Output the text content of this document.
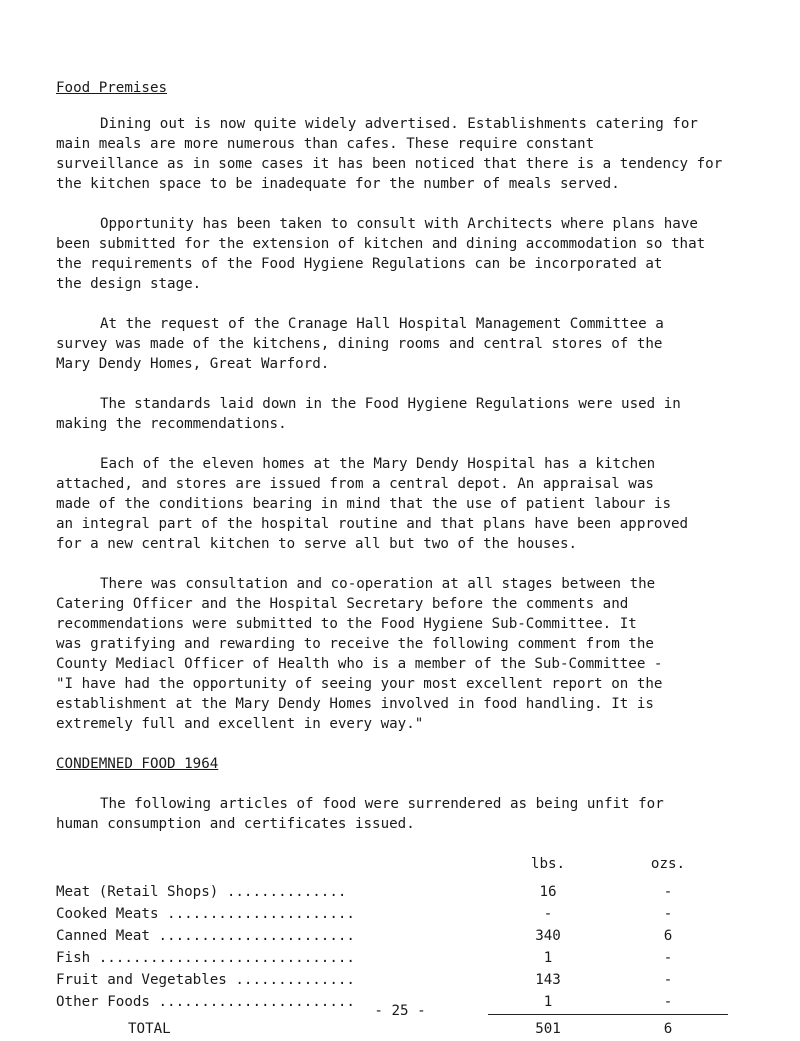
Food Premises
Dining out is now quite widely advertised. Establishments catering for
main meals are more numerous than cafes. These require constant
surveillance as in some cases it has been noticed that there is a tendency for
the kitchen space to be inadequate for the number of meals served.
Opportunity has been taken to consult with Architects where plans have
been submitted for the extension of kitchen and dining accommodation so that
the requirements of the Food Hygiene Regulations can be incorporated at
the design stage.
At the request of the Cranage Hall Hospital Management Committee a
survey was made of the kitchens, dining rooms and central stores of the
Mary Dendy Homes, Great Warford.
The standards laid down in the Food Hygiene Regulations were used in
making the recommendations.
Each of the eleven homes at the Mary Dendy Hospital has a kitchen
attached, and stores are issued from a central depot. An appraisal was
made of the conditions bearing in mind that the use of patient labour is
an integral part of the hospital routine and that plans have been approved
for a new central kitchen to serve all but two of the houses.
There was consultation and co-operation at all stages between the
Catering Officer and the Hospital Secretary before the comments and
recommendations were submitted to the Food Hygiene Sub-Committee. It
was gratifying and rewarding to receive the following comment from the
County Mediacl Officer of Health who is a member of the Sub-Committee -
"I have had the opportunity of seeing your most excellent report on the
establishment at the Mary Dendy Homes involved in food handling. It is
extremely full and excellent in every way."
CONDEMNED FOOD 1964
The following articles of food were surrendered as being unfit for
human consumption and certificates issued.
	lbs.	ozs.
Meat (Retail Shops) ..............	16	-
Cooked Meats ......................	-	-
Canned Meat .......................	340	6
Fish ..............................	1	-
Fruit and Vegetables ..............	143	-
Other Foods .......................	1	-
TOTAL	501	6
- 25 -
